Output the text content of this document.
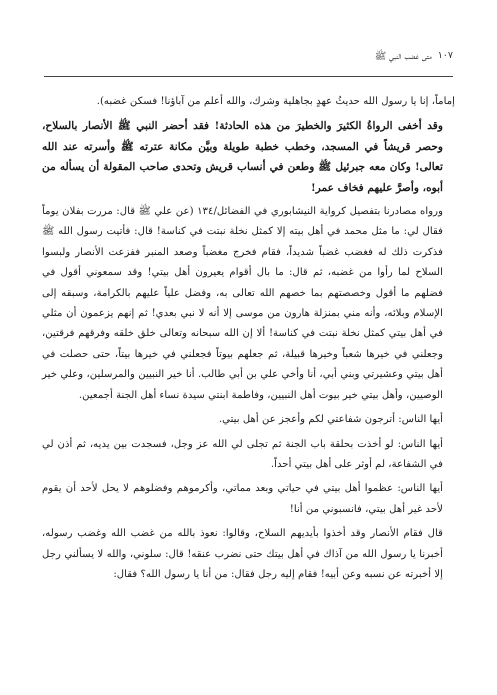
١٠٧
متى غضب النبي ﷺ

إماماً، إنا يا رسول الله حديثُ عهدٍ بجاهلية وشرك، والله أعلم من آباؤنا! فسكن غضبه).

وقد أخفى الرواةُ الكثيرَ والخطيرَ من هذه الحادثة! فقد أحضر النبي ﷺ الأنصار بالسلاح، وحصر قريشاً في المسجد، وخطب خطبة طويلة وبيَّن مكانة عترته ﷺ وأسرته عند الله تعالى! وكان معه جبرئيل ﷺ وطعن في أنساب قريش وتحدى صاحب المقولة أن يسأله من أبوه، وأصرَّ عليهم فخاف عمر!

ورواه مصادرنا بتفصيل كرواية النيشابوري في الفضائل/١٣٤ (عن علي ﷺ قال: مررت بفلان يوماً فقال لي: ما مثل محمد في أهل بيته إلا كمثل نخلة نبتت في كناسة! قال: فأتيت رسول الله ﷺ فذكرت ذلك له فغضب غضباً شديداً، فقام فخرج مغضباً وصعد المنبر ففزعت الأنصار ولبسوا السلاح لما رأوا من غضبه، ثم قال: ما بال أقوام يعيرون أهل بيتي! وقد سمعوني أقول في فضلهم ما أقول وخصصتهم بما خصهم الله تعالى به، وفضل علياً عليهم بالكرامة، وسبقه إلى الإسلام وبلائه، وأنه مني بمنزلة هارون من موسى إلا أنه لا نبي بعدي! ثم إنهم يزعمون أن مثلي في أهل بيتي كمثل نخلة نبتت في كناسة! ألا إن الله سبحانه وتعالى خلق خلقه وفرقهم فرقتين، وجعلني في خيرها شعباً وخيرها قبيلة، ثم جعلهم بيوتاً فجعلني في خيرها بيتاً، حتى حصلت في أهل بيتي وعشيرتي وبني أبي، أنا وأخي علي بن أبي طالب. أنا خير النبيين والمرسلين، وعلي خير الوصيين، وأهل بيتي خير بيوت أهل النبيين، وفاطمة ابنتي سيدة نساء أهل الجنة أجمعين.

أيها الناس: أترجون شفاعتي لكم وأعجز عن أهل بيتي.

أيها الناس: لو أخذت بحلقة باب الجنة ثم تجلى لي الله عز وجل، فسجدت بين يديه، ثم أذن لي في الشفاعة، لم أوثر على أهل بيتي أحداً.

أيها الناس: عظموا أهل بيتي في حياتي وبعد مماتي، وأكرموهم وفضلوهم لا يحل لأحد أن يقوم لأحد غير أهل بيتي، فانسبوني من أنا!

قال فقام الأنصار وقد أخذوا بأيديهم السلاح، وقالوا: نعوذ بالله من غضب الله وغضب رسوله، أخبرنا يا رسول الله من آذاك في أهل بيتك حتى نضرب عنقه! قال: سلوني، والله لا يسألني رجل إلا أخبرته عن نسبه وعن أبيه! فقام إليه رجل فقال: من أنا يا رسول الله؟ فقال:
